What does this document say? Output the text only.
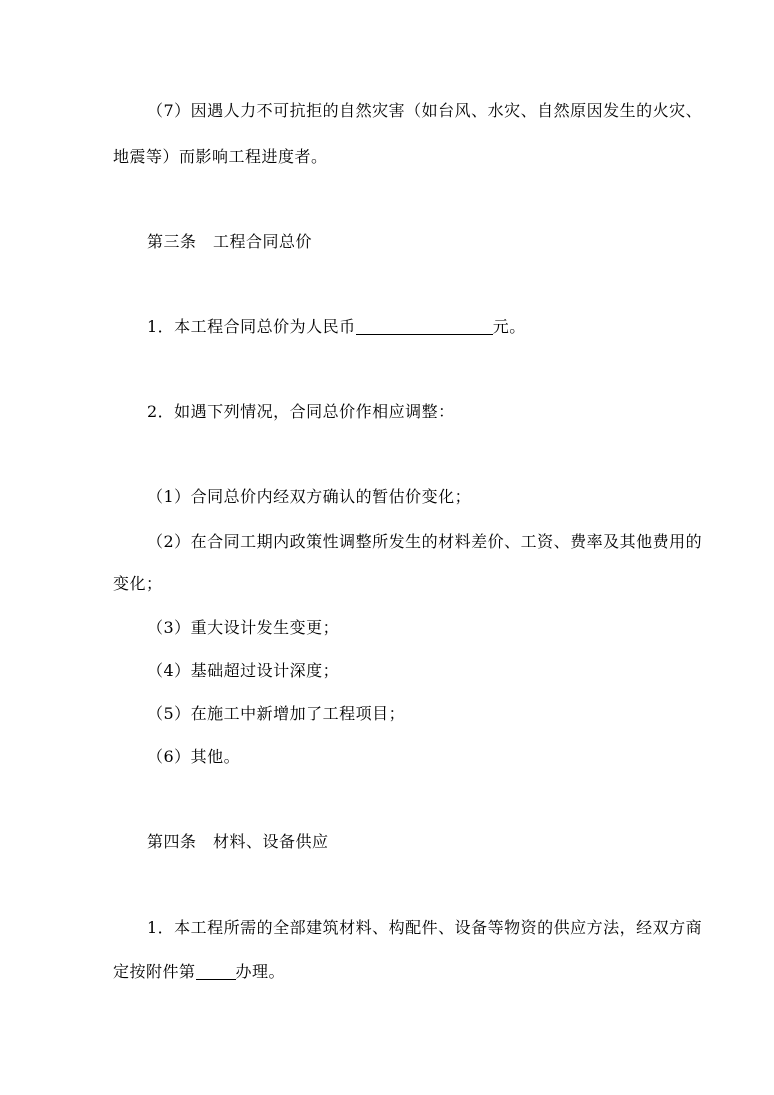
（7）因遇人力不可抗拒的自然灾害（如台风、水灾、自然原因发生的火灾、
地震等）而影响工程进度者。
第三条　工程合同总价
1．本工程合同总价为人民币	元。
2．如遇下列情况，合同总价作相应调整：
（1）合同总价内经双方确认的暂估价变化；
（2）在合同工期内政策性调整所发生的材料差价、工资、费率及其他费用的
变化；
（3）重大设计发生变更；
（4）基础超过设计深度；
（5）在施工中新增加了工程项目；
（6）其他。
第四条　材料、设备供应
1．本工程所需的全部建筑材料、构配件、设备等物资的供应方法，经双方商
定按附件第	办理。
